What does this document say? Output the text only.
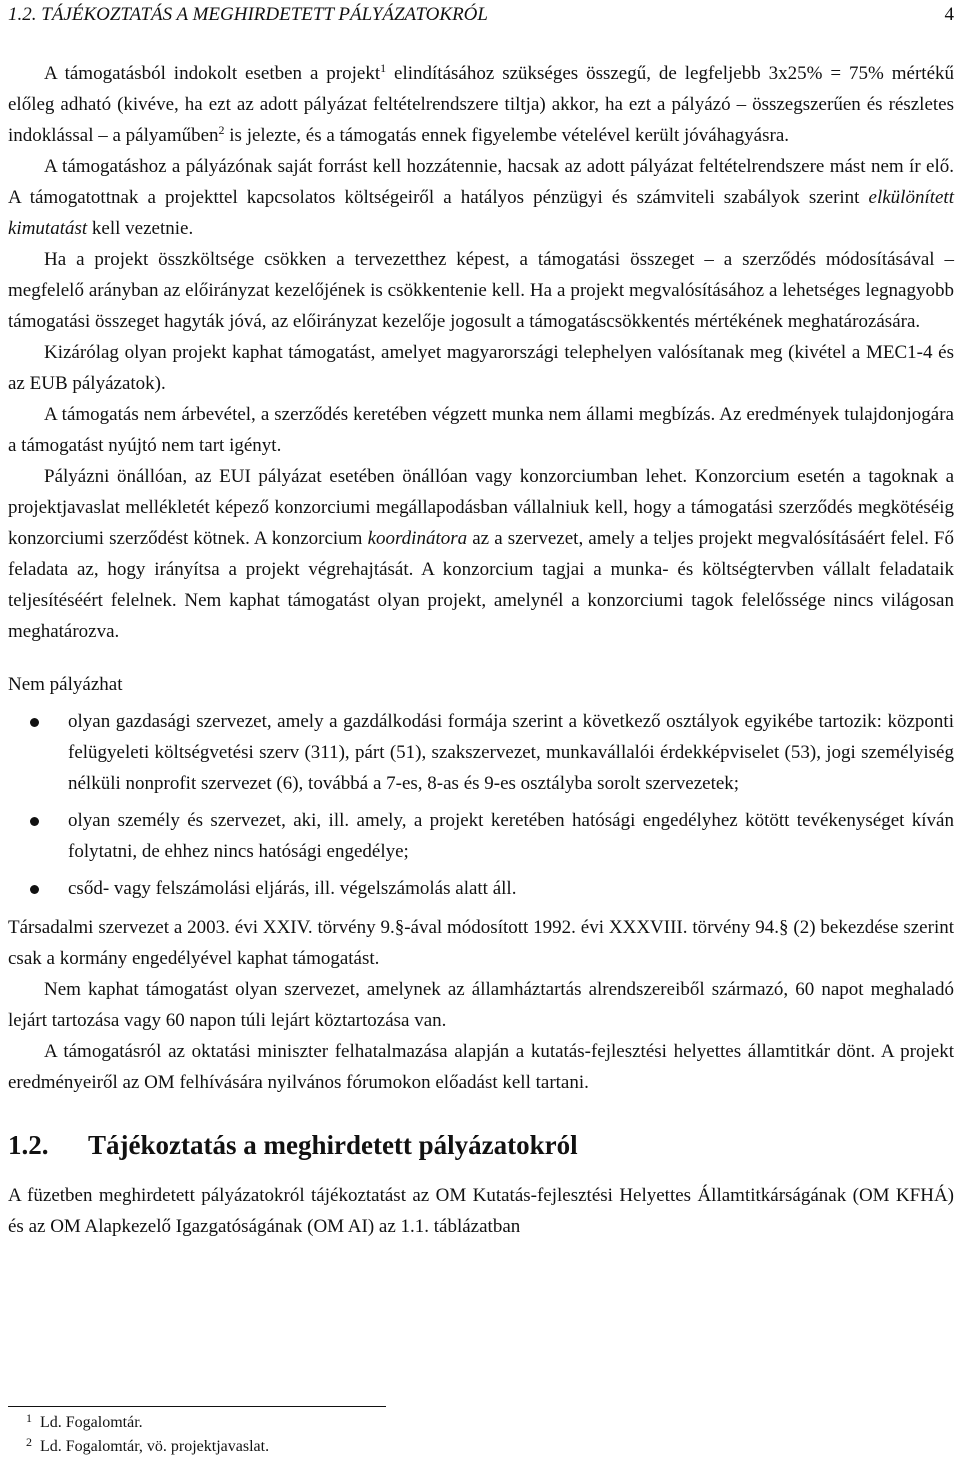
1.2. TÁJÉKOZTATÁS A MEGHIRDETETT PÁLYÁZATOKRÓL	4

A támogatásból indokolt esetben a projekt$^1$ elindításához szükséges összegű, de legfeljebb 3x25% = 75% mértékű előleg adható (kivéve, ha ezt az adott pályázat feltételrendszere tiltja) akkor, ha ezt a pályázó – összegszerűen és részletes indoklással – a pályaműben$^2$ is jelezte, és a támogatás ennek figyelembe vételével került jóváhagyásra.

A támogatáshoz a pályázónak saját forrást kell hozzátennie, hacsak az adott pályázat feltételrendszere mást nem ír elő. A támogatottnak a projekttel kapcsolatos költségeiről a hatályos pénzügyi és számviteli szabályok szerint elkülönített kimutatást kell vezetnie.

Ha a projekt összköltsége csökken a tervezetthez képest, a támogatási összeget – a szerződés módosításával – megfelelő arányban az előirányzat kezelőjének is csökkentenie kell. Ha a projekt megvalósításához a lehetséges legnagyobb támogatási összeget hagyták jóvá, az előirányzat kezelője jogosult a támogatáscsökkentés mértékének meghatározására.

Kizárólag olyan projekt kaphat támogatást, amelyet magyarországi telephelyen valósítanak meg (kivétel a MEC1-4 és az EUB pályázatok).

A támogatás nem árbevétel, a szerződés keretében végzett munka nem állami megbízás. Az eredmények tulajdonjogára a támogatást nyújtó nem tart igényt.

Pályázni önállóan, az EUI pályázat esetében önállóan vagy konzorciumban lehet. Konzorcium esetén a tagoknak a projektjavaslat mellékletét képező konzorciumi megállapodásban vállalniuk kell, hogy a támogatási szerződés megkötéséig konzorciumi szerződést kötnek. A konzorcium koordinátora az a szervezet, amely a teljes projekt megvalósításáért felel. Fő feladata az, hogy irányítsa a projekt végrehajtását. A konzorcium tagjai a munka- és költségtervben vállalt feladataik teljesítéséért felelnek. Nem kaphat támogatást olyan projekt, amelynél a konzorciumi tagok felelőssége nincs világosan meghatározva.

Nem pályázhat

olyan gazdasági szervezet, amely a gazdálkodási formája szerint a következő osztályok egyikébe tartozik: központi felügyeleti költségvetési szerv (311), párt (51), szakszervezet, munkavállalói érdekképviselet (53), jogi személyiség nélküli nonprofit szervezet (6), továbbá a 7-es, 8-as és 9-es osztályba sorolt szervezetek;
olyan személy és szervezet, aki, ill. amely, a projekt keretében hatósági engedélyhez kötött tevékenységet kíván folytatni, de ehhez nincs hatósági engedélye;
csőd- vagy felszámolási eljárás, ill. végelszámolás alatt áll.

Társadalmi szervezet a 2003. évi XXIV. törvény 9.§-ával módosított 1992. évi XXXVIII. törvény 94.§ (2) bekezdése szerint csak a kormány engedélyével kaphat támogatást.

Nem kaphat támogatást olyan szervezet, amelynek az államháztartás alrendszereiből származó, 60 napot meghaladó lejárt tartozása vagy 60 napon túli lejárt köztartozása van.

A támogatásról az oktatási miniszter felhatalmazása alapján a kutatás-fejlesztési helyettes államtitkár dönt. A projekt eredményeiről az OM felhívására nyilvános fórumokon előadást kell tartani.

1.2. Tájékoztatás a meghirdetett pályázatokról

A füzetben meghirdetett pályázatokról tájékoztatást az OM Kutatás-fejlesztési Helyettes Államtitkárságának (OM KFHÁ) és az OM Alapkezelő Igazgatóságának (OM AI) az 1.1. táblázatban

1 Ld. Fogalomtár.
2 Ld. Fogalomtár, vö. projektjavaslat.
